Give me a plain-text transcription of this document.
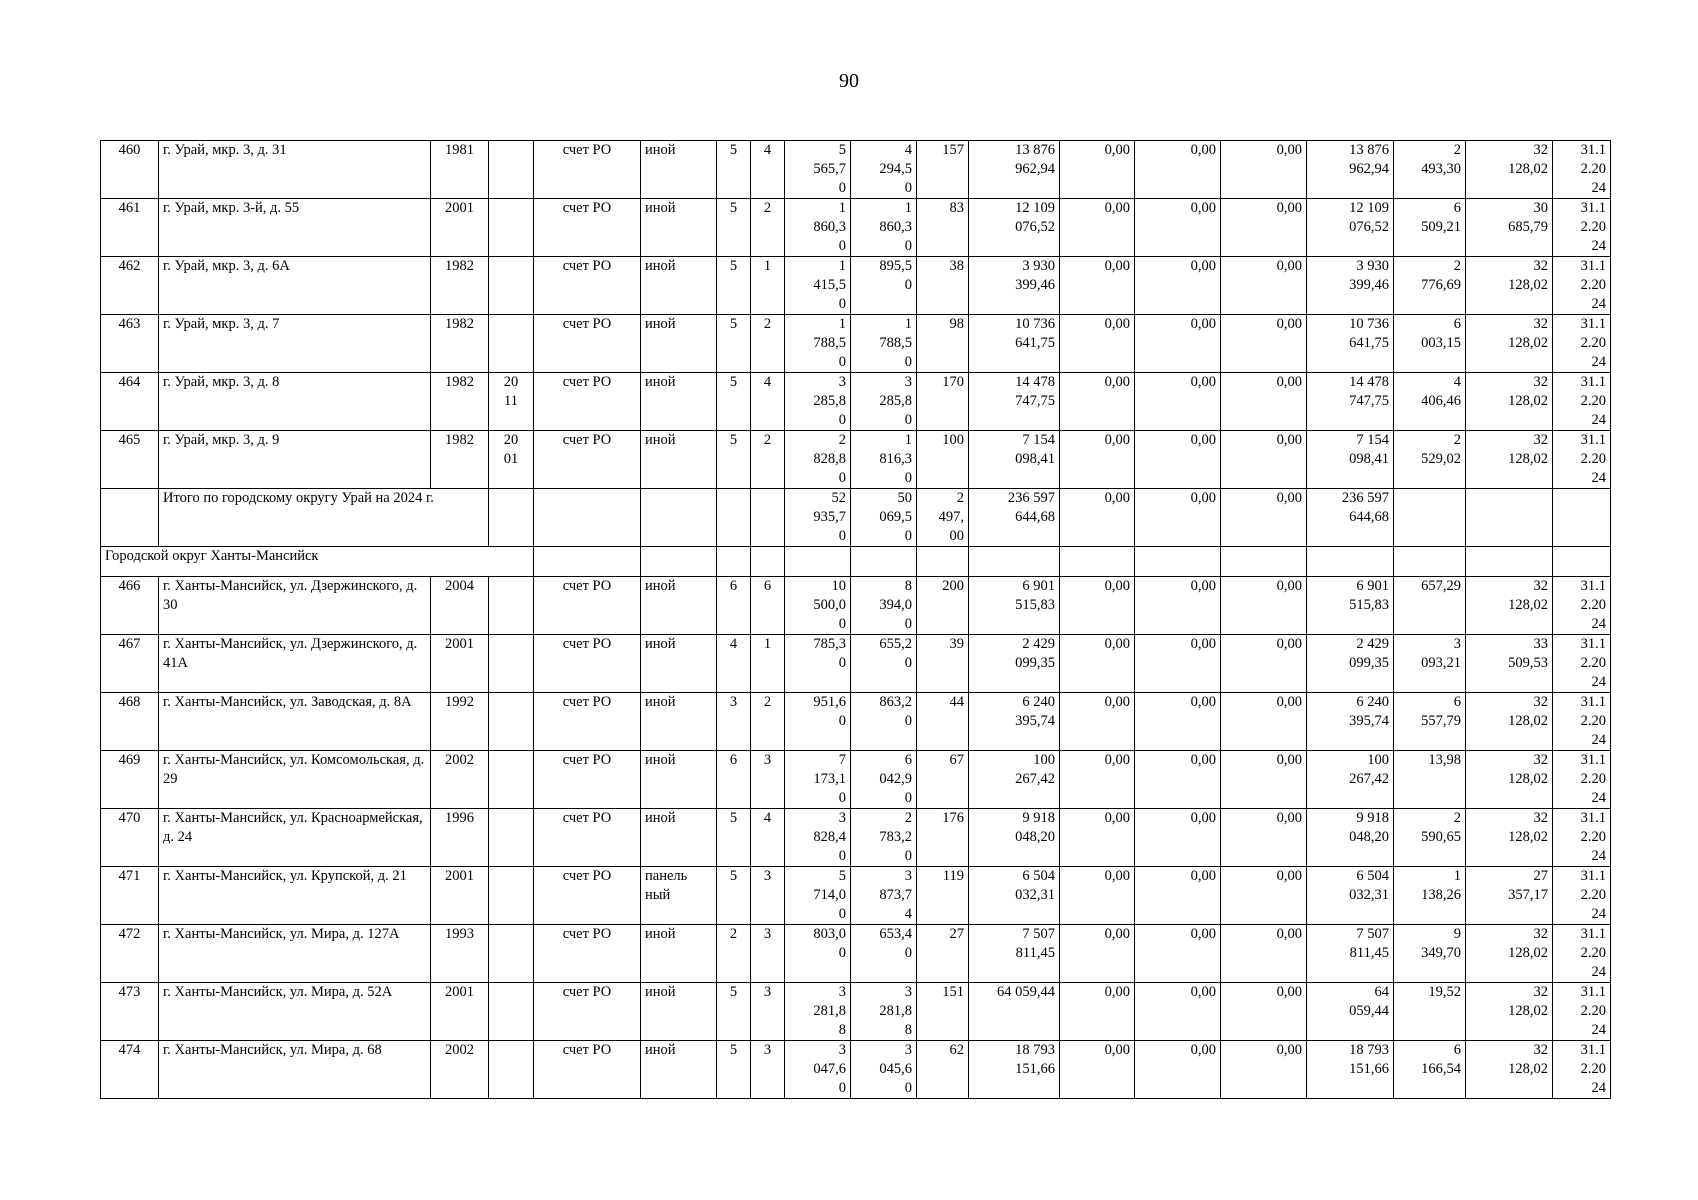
90
460	г. Урай, мкр. 3, д. 31	1981		счет РО	иной	5	4	5
565,7
0	4
294,5
0	157	13 876
962,94	0,00	0,00	0,00	13 876
962,94	2
493,30	32
128,02	31.1
2.20
24
461	г. Урай, мкр. 3-й, д. 55	2001		счет РО	иной	5	2	1
860,3
0	1
860,3
0	83	12 109
076,52	0,00	0,00	0,00	12 109
076,52	6
509,21	30
685,79	31.1
2.20
24
462	г. Урай, мкр. 3, д. 6А	1982		счет РО	иной	5	1	1
415,5
0	895,5
0	38	3 930
399,46	0,00	0,00	0,00	3 930
399,46	2
776,69	32
128,02	31.1
2.20
24
463	г. Урай, мкр. 3, д. 7	1982		счет РО	иной	5	2	1
788,5
0	1
788,5
0	98	10 736
641,75	0,00	0,00	0,00	10 736
641,75	6
003,15	32
128,02	31.1
2.20
24
464	г. Урай, мкр. 3, д. 8	1982	20
11	счет РО	иной	5	4	3
285,8
0	3
285,8
0	170	14 478
747,75	0,00	0,00	0,00	14 478
747,75	4
406,46	32
128,02	31.1
2.20
24
465	г. Урай, мкр. 3, д. 9	1982	20
01	счет РО	иной	5	2	2
828,8
0	1
816,3
0	100	7 154
098,41	0,00	0,00	0,00	7 154
098,41	2
529,02	32
128,02	31.1
2.20
24
	Итого по городскому округу Урай на 2024 г.							52
935,7
0	50
069,5
0	2
497,
00	236 597
644,68	0,00	0,00	0,00	236 597
644,68			
Городской округ Ханты-Мансийск																		
466	г. Ханты-Мансийск, ул. Дзержинского, д. 30	2004		счет РО	иной	6	6	10
500,0
0	8
394,0
0	200	6 901
515,83	0,00	0,00	0,00	6 901
515,83	657,29	32
128,02	31.1
2.20
24
467	г. Ханты-Мансийск, ул. Дзержинского, д. 41А	2001		счет РО	иной	4	1	785,3
0	655,2
0	39	2 429
099,35	0,00	0,00	0,00	2 429
099,35	3
093,21	33
509,53	31.1
2.20
24
468	г. Ханты-Мансийск, ул. Заводская, д. 8А	1992		счет РО	иной	3	2	951,6
0	863,2
0	44	6 240
395,74	0,00	0,00	0,00	6 240
395,74	6
557,79	32
128,02	31.1
2.20
24
469	г. Ханты-Мансийск, ул. Комсомольская, д. 29	2002		счет РО	иной	6	3	7
173,1
0	6
042,9
0	67	100
267,42	0,00	0,00	0,00	100
267,42	13,98	32
128,02	31.1
2.20
24
470	г. Ханты-Мансийск, ул. Красноармейская, д. 24	1996		счет РО	иной	5	4	3
828,4
0	2
783,2
0	176	9 918
048,20	0,00	0,00	0,00	9 918
048,20	2
590,65	32
128,02	31.1
2.20
24
471	г. Ханты-Мансийск, ул. Крупской, д. 21	2001		счет РО	панель
ный	5	3	5
714,0
0	3
873,7
4	119	6 504
032,31	0,00	0,00	0,00	6 504
032,31	1
138,26	27
357,17	31.1
2.20
24
472	г. Ханты-Мансийск, ул. Мира, д. 127А	1993		счет РО	иной	2	3	803,0
0	653,4
0	27	7 507
811,45	0,00	0,00	0,00	7 507
811,45	9
349,70	32
128,02	31.1
2.20
24
473	г. Ханты-Мансийск, ул. Мира, д. 52А	2001		счет РО	иной	5	3	3
281,8
8	3
281,8
8	151	64 059,44	0,00	0,00	0,00	64
059,44	19,52	32
128,02	31.1
2.20
24
474	г. Ханты-Мансийск, ул. Мира, д. 68	2002		счет РО	иной	5	3	3
047,6
0	3
045,6
0	62	18 793
151,66	0,00	0,00	0,00	18 793
151,66	6
166,54	32
128,02	31.1
2.20
24
